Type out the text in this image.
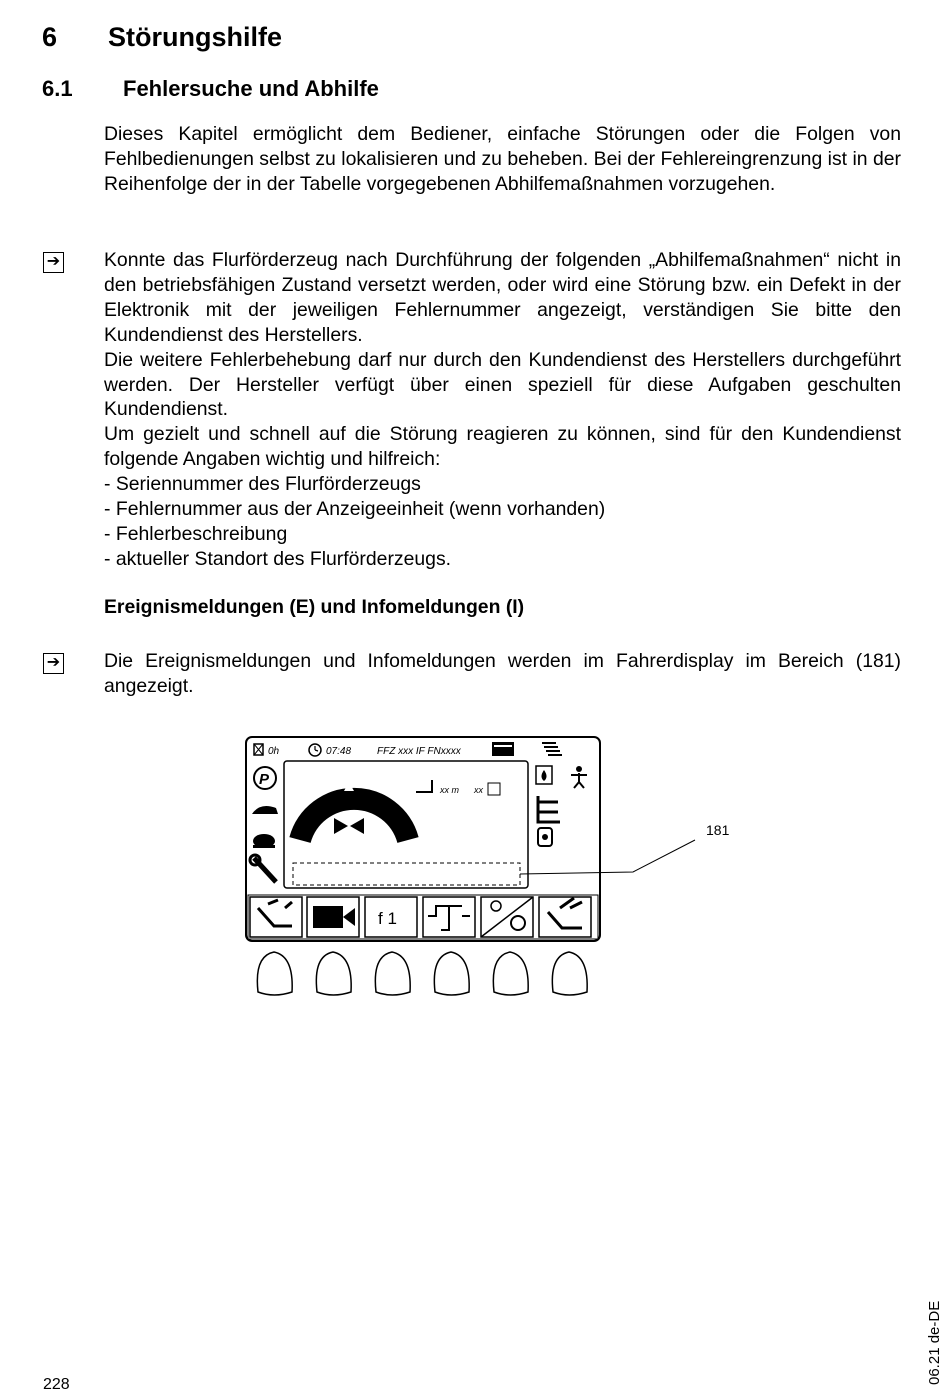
6 Störungshilfe
6.1 Fehlersuche und Abhilfe

Dieses Kapitel ermöglicht dem Bediener, einfache Störungen oder die Folgen von Fehlbedienungen selbst zu lokalisieren und zu beheben. Bei der Fehlereingrenzung ist in der Reihenfolge der in der Tabelle vorgegebenen Abhilfemaßnahmen vorzugehen.

➔ Konnte das Flurförderzeug nach Durchführung der folgenden „Abhilfemaßnahmen“ nicht in den betriebsfähigen Zustand versetzt werden, oder wird eine Störung bzw. ein Defekt in der Elektronik mit der jeweiligen Fehlernummer angezeigt, verständigen Sie bitte den Kundendienst des Herstellers.

Die weitere Fehlerbehebung darf nur durch den Kundendienst des Herstellers durchgeführt werden. Der Hersteller verfügt über einen speziell für diese Aufgaben geschulten Kundendienst.

Um gezielt und schnell auf die Störung reagieren zu können, sind für den Kundendienst folgende Angaben wichtig und hilfreich:

- Seriennummer des Flurförderzeugs
- Fehlernummer aus der Anzeigeeinheit (wenn vorhanden)
- Fehlerbeschreibung
- aktueller Standort des Flurförderzeugs.
Ereignismeldungen (E) und Infomeldungen (I)
➔ Die Ereignismeldungen und Infomeldungen werden im Fahrerdisplay im Bereich (181) angezeigt.

0h	07:48	FFZ xxx IF FNxxxx
P
xx m xx
f 1
181
228	06.21 de-DE
